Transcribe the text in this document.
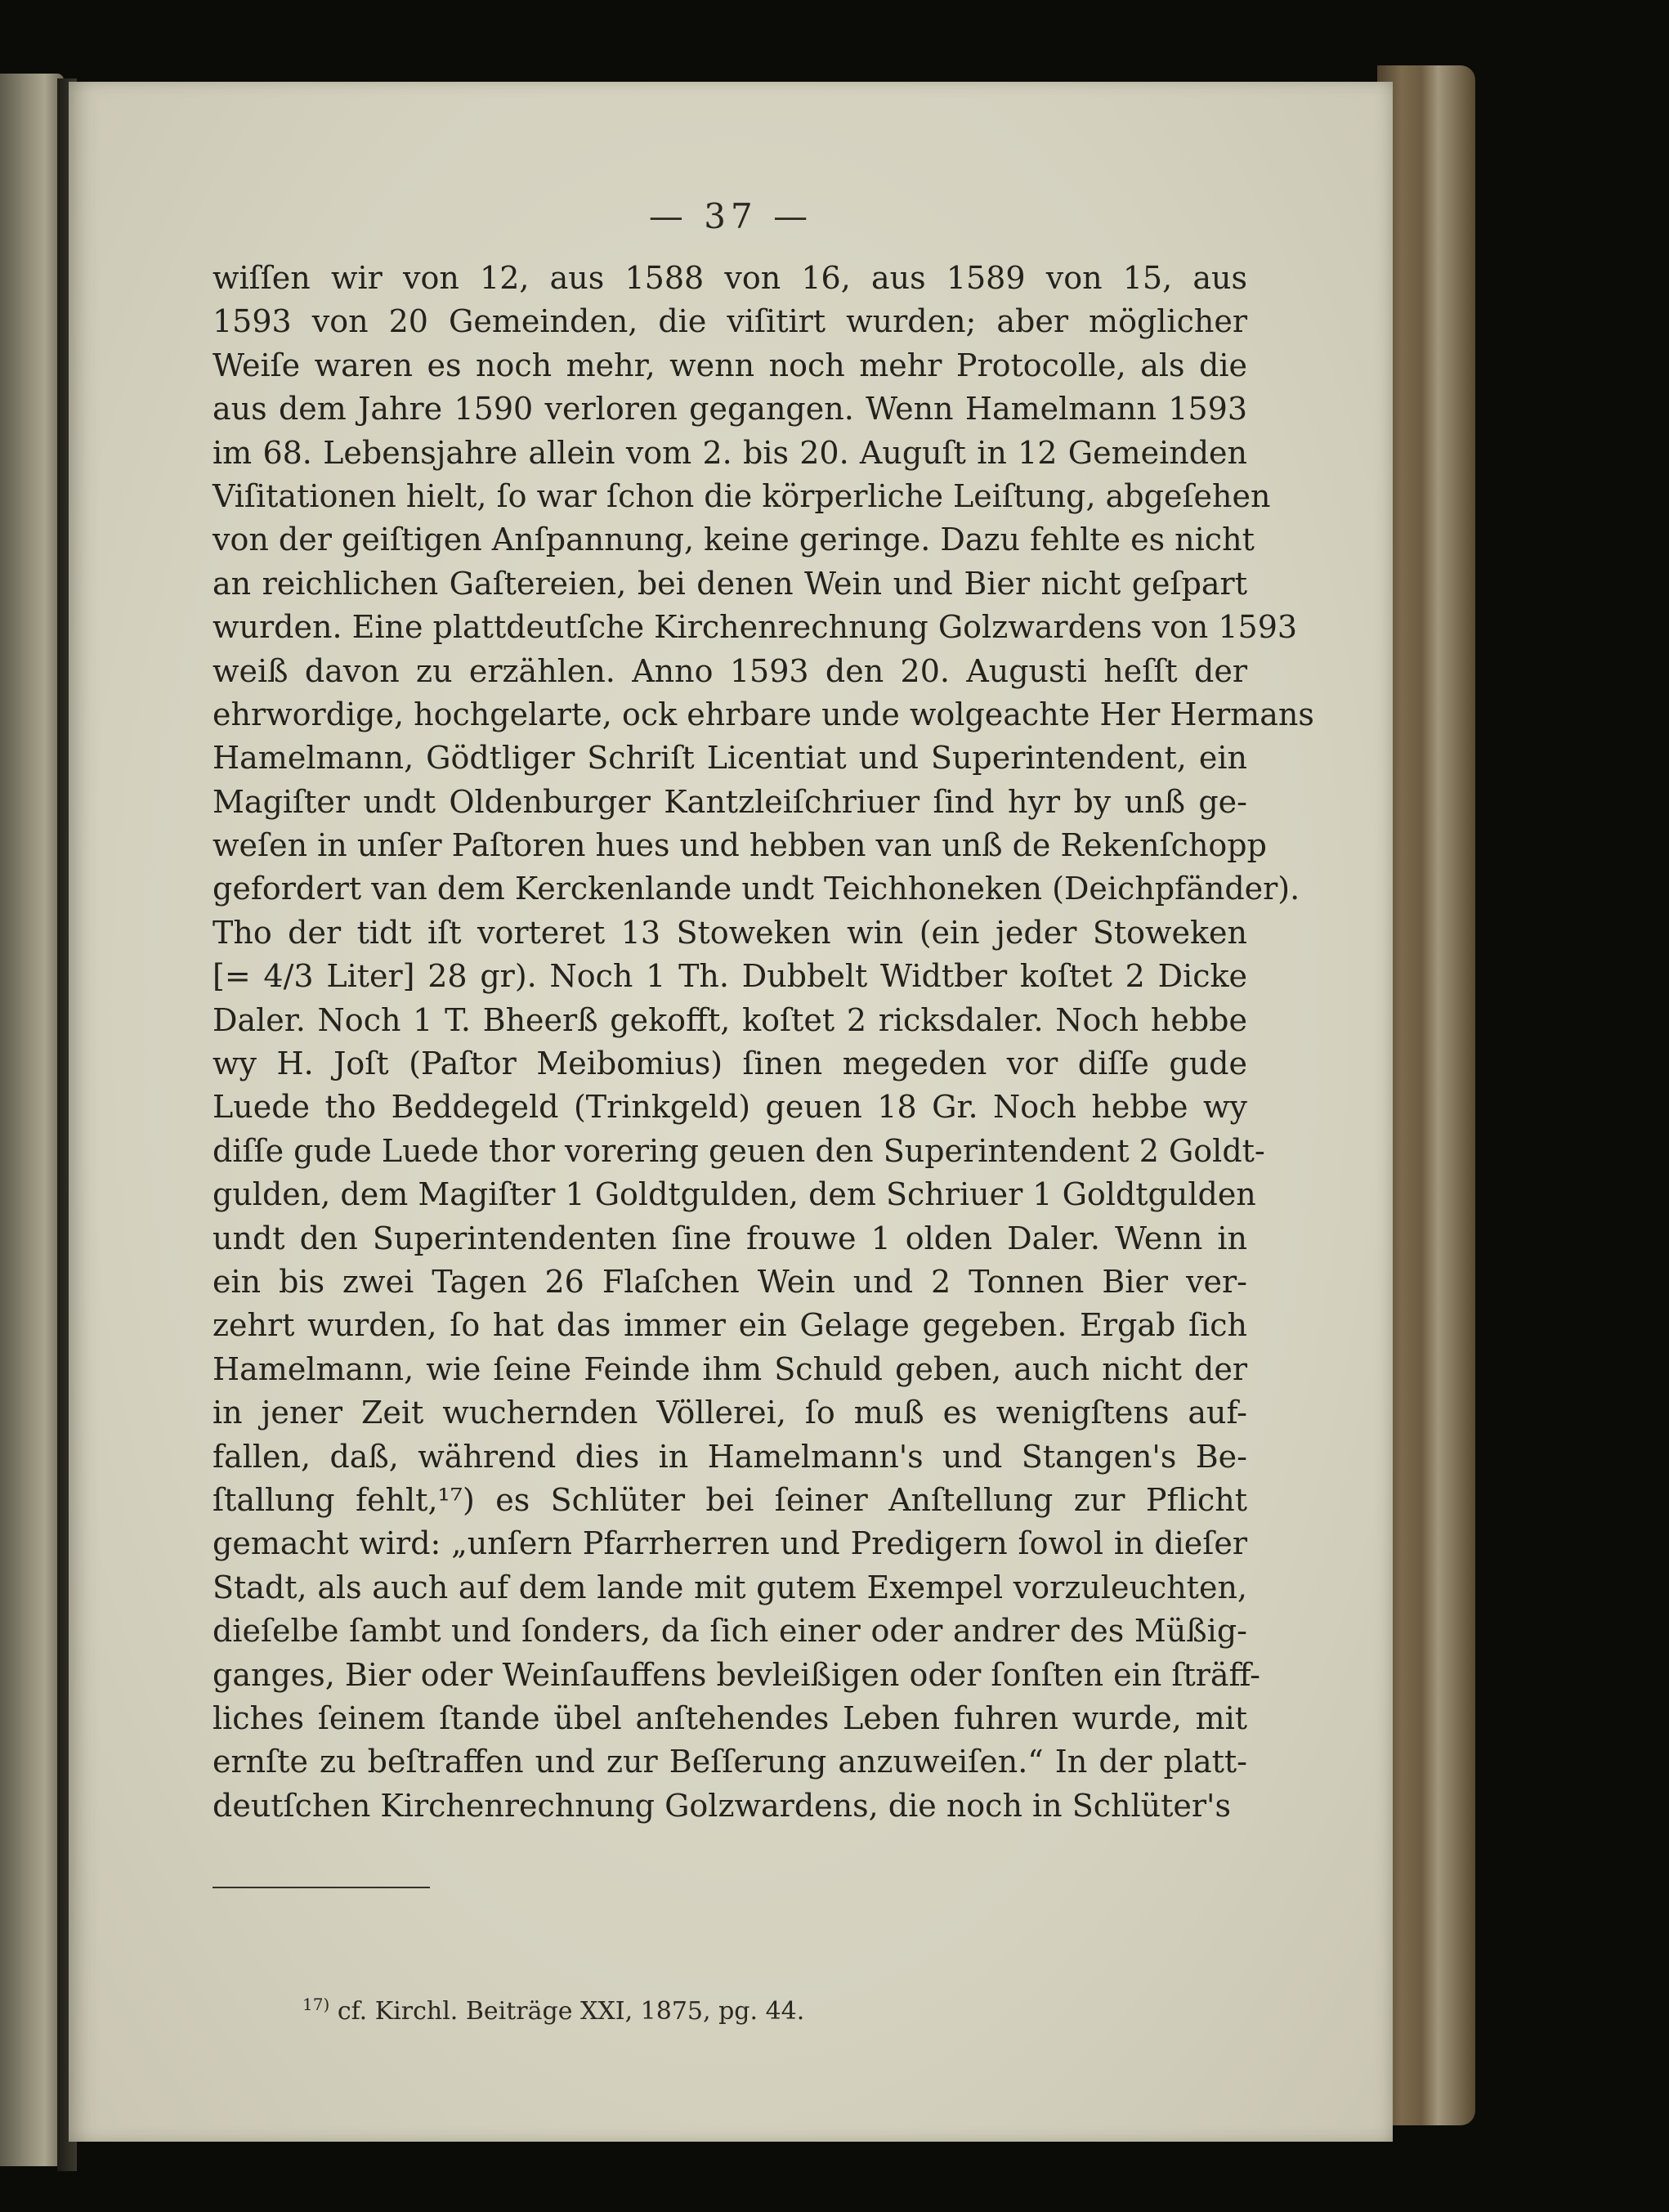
— 37 —
wiſſen wir von 12, aus 1588 von 16, aus 1589 von 15, aus
1593 von 20 Gemeinden, die viſitirt wurden; aber möglicher
Weiſe waren es noch mehr, wenn noch mehr Protocolle, als die
aus dem Jahre 1590 verloren gegangen. Wenn Hamelmann 1593
im 68. Lebensjahre allein vom 2. bis 20. Auguſt in 12 Gemeinden
Viſitationen hielt, ſo war ſchon die körperliche Leiſtung, abgeſehen
von der geiſtigen Anſpannung, keine geringe. Dazu fehlte es nicht
an reichlichen Gaſtereien, bei denen Wein und Bier nicht geſpart
wurden. Eine plattdeutſche Kirchenrechnung Golzwardens von 1593
weiß davon zu erzählen. Anno 1593 den 20. Augusti heſſt der
ehrwordige, hochgelarte, ock ehrbare unde wolgeachte Her Hermans
Hamelmann, Gödtliger Schriſt Licentiat und Superintendent, ein
Magiſter undt Oldenburger Kantzleiſchriuer ſind hyr by unß ge-
weſen in unſer Paſtoren hues und hebben van unß de Rekenſchopp
gefordert van dem Kerckenlande undt Teichhoneken (Deichpfänder).
Tho der tidt iſt vorteret 13 Stoweken win (ein jeder Stoweken
[= 4/3 Liter] 28 gr). Noch 1 Th. Dubbelt Widtber koſtet 2 Dicke
Daler. Noch 1 T. Bheerß gekofft, koſtet 2 ricksdaler. Noch hebbe
wy H. Joſt (Paſtor Meibomius) ſinen megeden vor diſſe gude
Luede tho Beddegeld (Trinkgeld) geuen 18 Gr. Noch hebbe wy
diſſe gude Luede thor vorering geuen den Superintendent 2 Goldt-
gulden, dem Magiſter 1 Goldtgulden, dem Schriuer 1 Goldtgulden
undt den Superintendenten ſine frouwe 1 olden Daler. Wenn in
ein bis zwei Tagen 26 Flaſchen Wein und 2 Tonnen Bier ver-
zehrt wurden, ſo hat das immer ein Gelage gegeben. Ergab ſich
Hamelmann, wie ſeine Feinde ihm Schuld geben, auch nicht der
in jener Zeit wuchernden Völlerei, ſo muß es wenigſtens auf-
fallen, daß, während dies in Hamelmann's und Stangen's Be-
ſtallung fehlt,¹⁷) es Schlüter bei ſeiner Anſtellung zur Pflicht
gemacht wird: „unſern Pfarrherren und Predigern ſowol in dieſer
Stadt, als auch auf dem lande mit gutem Exempel vorzuleuchten,
dieſelbe ſambt und ſonders, da ſich einer oder andrer des Müßig-
ganges, Bier oder Weinſauffens bevleißigen oder ſonſten ein ſträff-
liches ſeinem ſtande übel anſtehendes Leben fuhren wurde, mit
ernſte zu beſtraffen und zur Beſſerung anzuweiſen.“ In der platt-
deutſchen Kirchenrechnung Golzwardens, die noch in Schlüter's
$^{17)}$ cf. Kirchl. Beiträge XXI, 1875, pg. 44.
